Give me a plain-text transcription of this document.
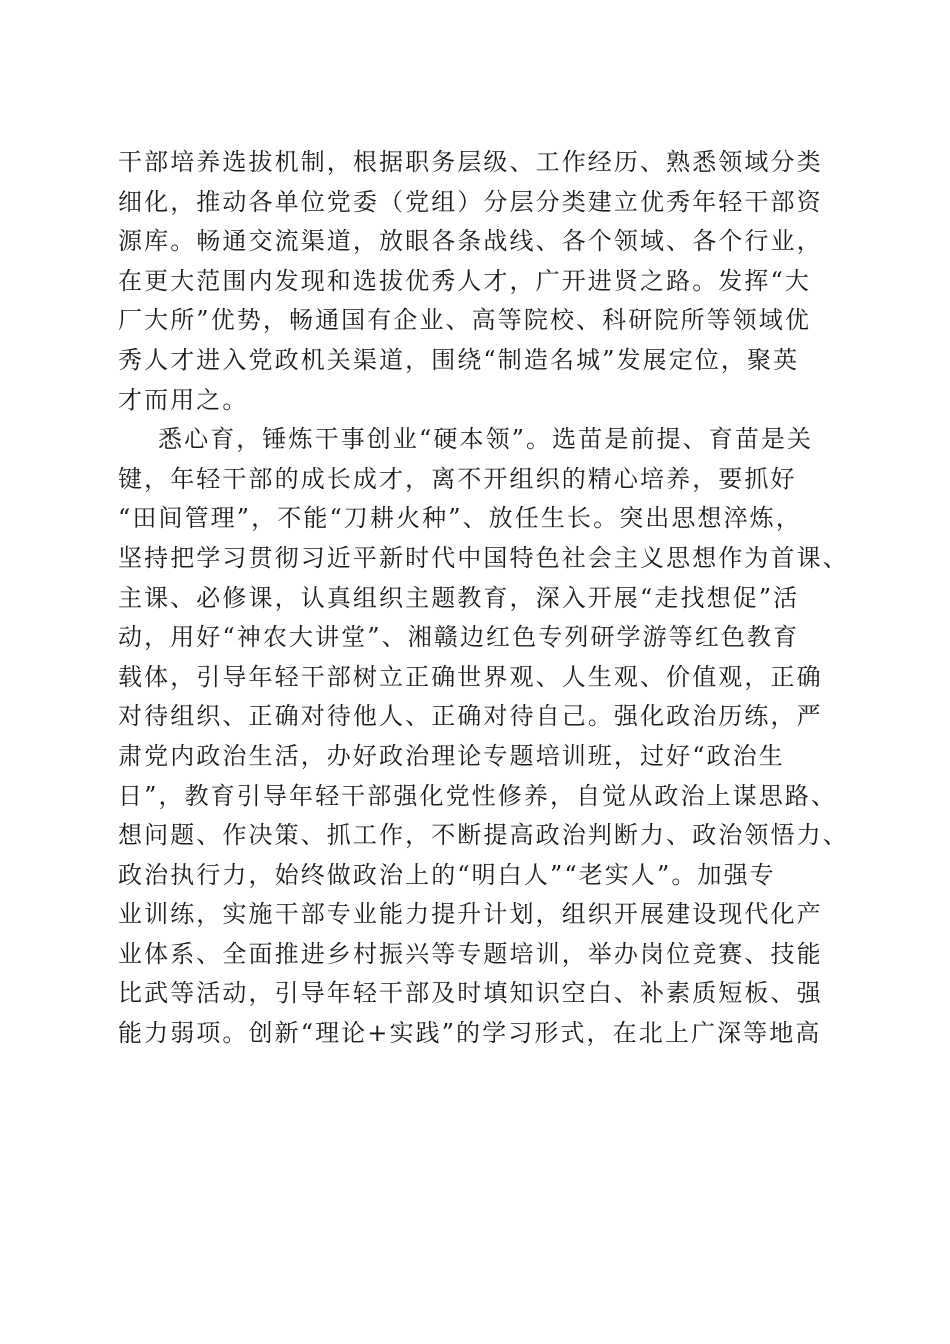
干部培养选拔机制，根据职务层级、工作经历、熟悉领域分类
细化，推动各单位党委（党组）分层分类建立优秀年轻干部资
源库。畅通交流渠道，放眼各条战线、各个领域、各个行业，
在更大范围内发现和选拔优秀人才，广开进贤之路。发挥“大
厂大所”优势，畅通国有企业、高等院校、科研院所等领域优
秀人才进入党政机关渠道，围绕“制造名城”发展定位，聚英
才而用之。
悉心育，锤炼干事创业“硬本领”。选苗是前提、育苗是关
键，年轻干部的成长成才，离不开组织的精心培养，要抓好
“田间管理”，不能“刀耕火种”、放任生长。突出思想淬炼，
坚持把学习贯彻习近平新时代中国特色社会主义思想作为首课、
主课、必修课，认真组织主题教育，深入开展“走找想促”活
动，用好“神农大讲堂”、湘赣边红色专列研学游等红色教育
载体，引导年轻干部树立正确世界观、人生观、价值观，正确
对待组织、正确对待他人、正确对待自己。强化政治历练，严
肃党内政治生活，办好政治理论专题培训班，过好“政治生
日”，教育引导年轻干部强化党性修养，自觉从政治上谋思路、
想问题、作决策、抓工作，不断提高政治判断力、政治领悟力、
政治执行力，始终做政治上的“明白人”“老实人”。加强专
业训练，实施干部专业能力提升计划，组织开展建设现代化产
业体系、全面推进乡村振兴等专题培训，举办岗位竞赛、技能
比武等活动，引导年轻干部及时填知识空白、补素质短板、强
能力弱项。创新“理论+实践”的学习形式，在北上广深等地高
